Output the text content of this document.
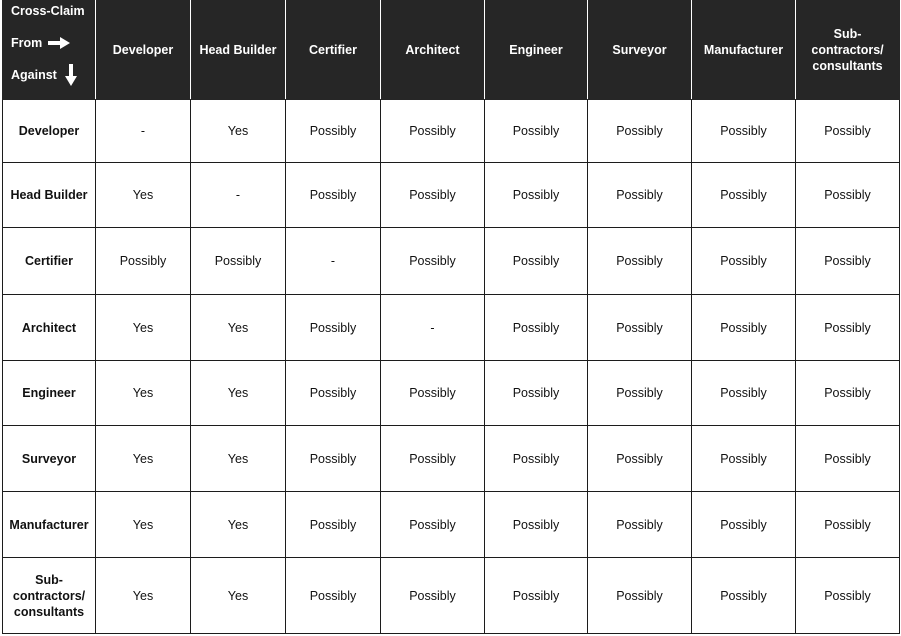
Cross-Claim
From
Against	Developer	Head Builder	Certifier	Architect	Engineer	Surveyor	Manufacturer	Sub-
contractors/
consultants
Developer	-	Yes	Possibly	Possibly	Possibly	Possibly	Possibly	Possibly
Head Builder	Yes	-	Possibly	Possibly	Possibly	Possibly	Possibly	Possibly
Certifier	Possibly	Possibly	-	Possibly	Possibly	Possibly	Possibly	Possibly
Architect	Yes	Yes	Possibly	-	Possibly	Possibly	Possibly	Possibly
Engineer	Yes	Yes	Possibly	Possibly	Possibly	Possibly	Possibly	Possibly
Surveyor	Yes	Yes	Possibly	Possibly	Possibly	Possibly	Possibly	Possibly
Manufacturer	Yes	Yes	Possibly	Possibly	Possibly	Possibly	Possibly	Possibly
Sub-
contractors/
consultants	Yes	Yes	Possibly	Possibly	Possibly	Possibly	Possibly	Possibly
